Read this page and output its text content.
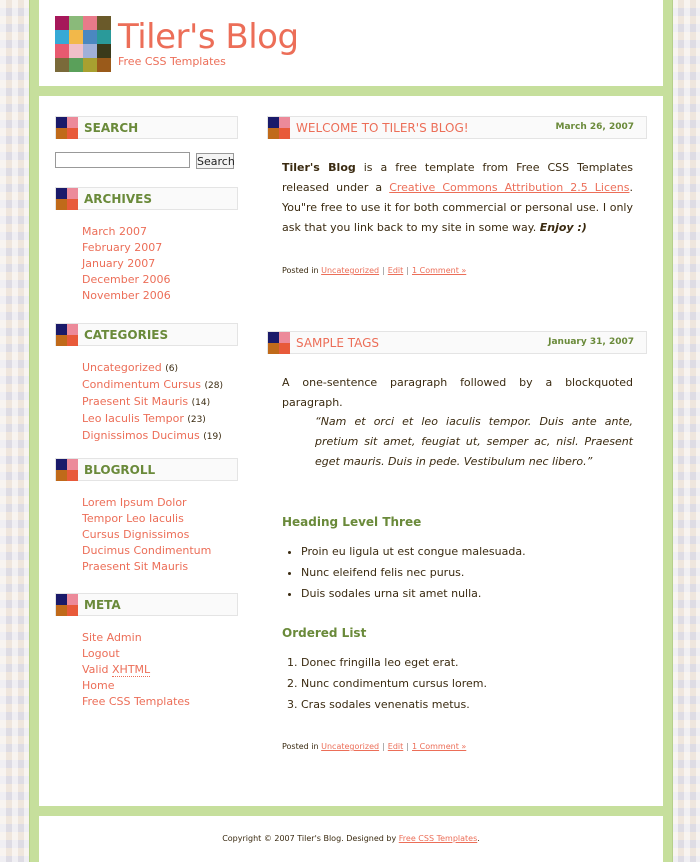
Tiler's Blog
Free CSS Templates
SEARCH
Search
ARCHIVES
March 2007
February 2007
January 2007
December 2006
November 2006
CATEGORIES
Uncategorized (6)
Condimentum Cursus (28)
Praesent Sit Mauris (14)
Leo Iaculis Tempor (23)
Dignissimos Ducimus (19)
BLOGROLL
Lorem Ipsum Dolor
Tempor Leo Iaculis
Cursus Dignissimos
Ducimus Condimentum
Praesent Sit Mauris
META
Site Admin
Logout
Valid XHTML
Home
Free CSS Templates
WELCOME TO TILER'S BLOG!	March 26, 2007

Tiler's Blog is a free template from Free CSS Templates released under a Creative Commons Attribution 2.5 Licens. You"re free to use it for both commercial or personal use. I only ask that you link back to my site in some way. Enjoy :)

Posted in Uncategorized | Edit | 1 Comment »
SAMPLE TAGS	January 31, 2007

A one-sentence paragraph followed by a blockquoted paragraph.

“Nam et orci et leo iaculis tempor. Duis ante ante, pretium sit amet, feugiat ut, semper ac, nisl. Praesent eget mauris. Duis in pede. Vestibulum nec libero.”
Heading Level Three
• Proin eu ligula ut est congue malesuada.
• Nunc eleifend felis nec purus.
• Duis sodales urna sit amet nulla.
Ordered List
1. Donec fringilla leo eget erat.
2. Nunc condimentum cursus lorem.
3. Cras sodales venenatis metus.
Posted in Uncategorized | Edit | 1 Comment »
Copyright © 2007 Tiler's Blog. Designed by Free CSS Templates.
